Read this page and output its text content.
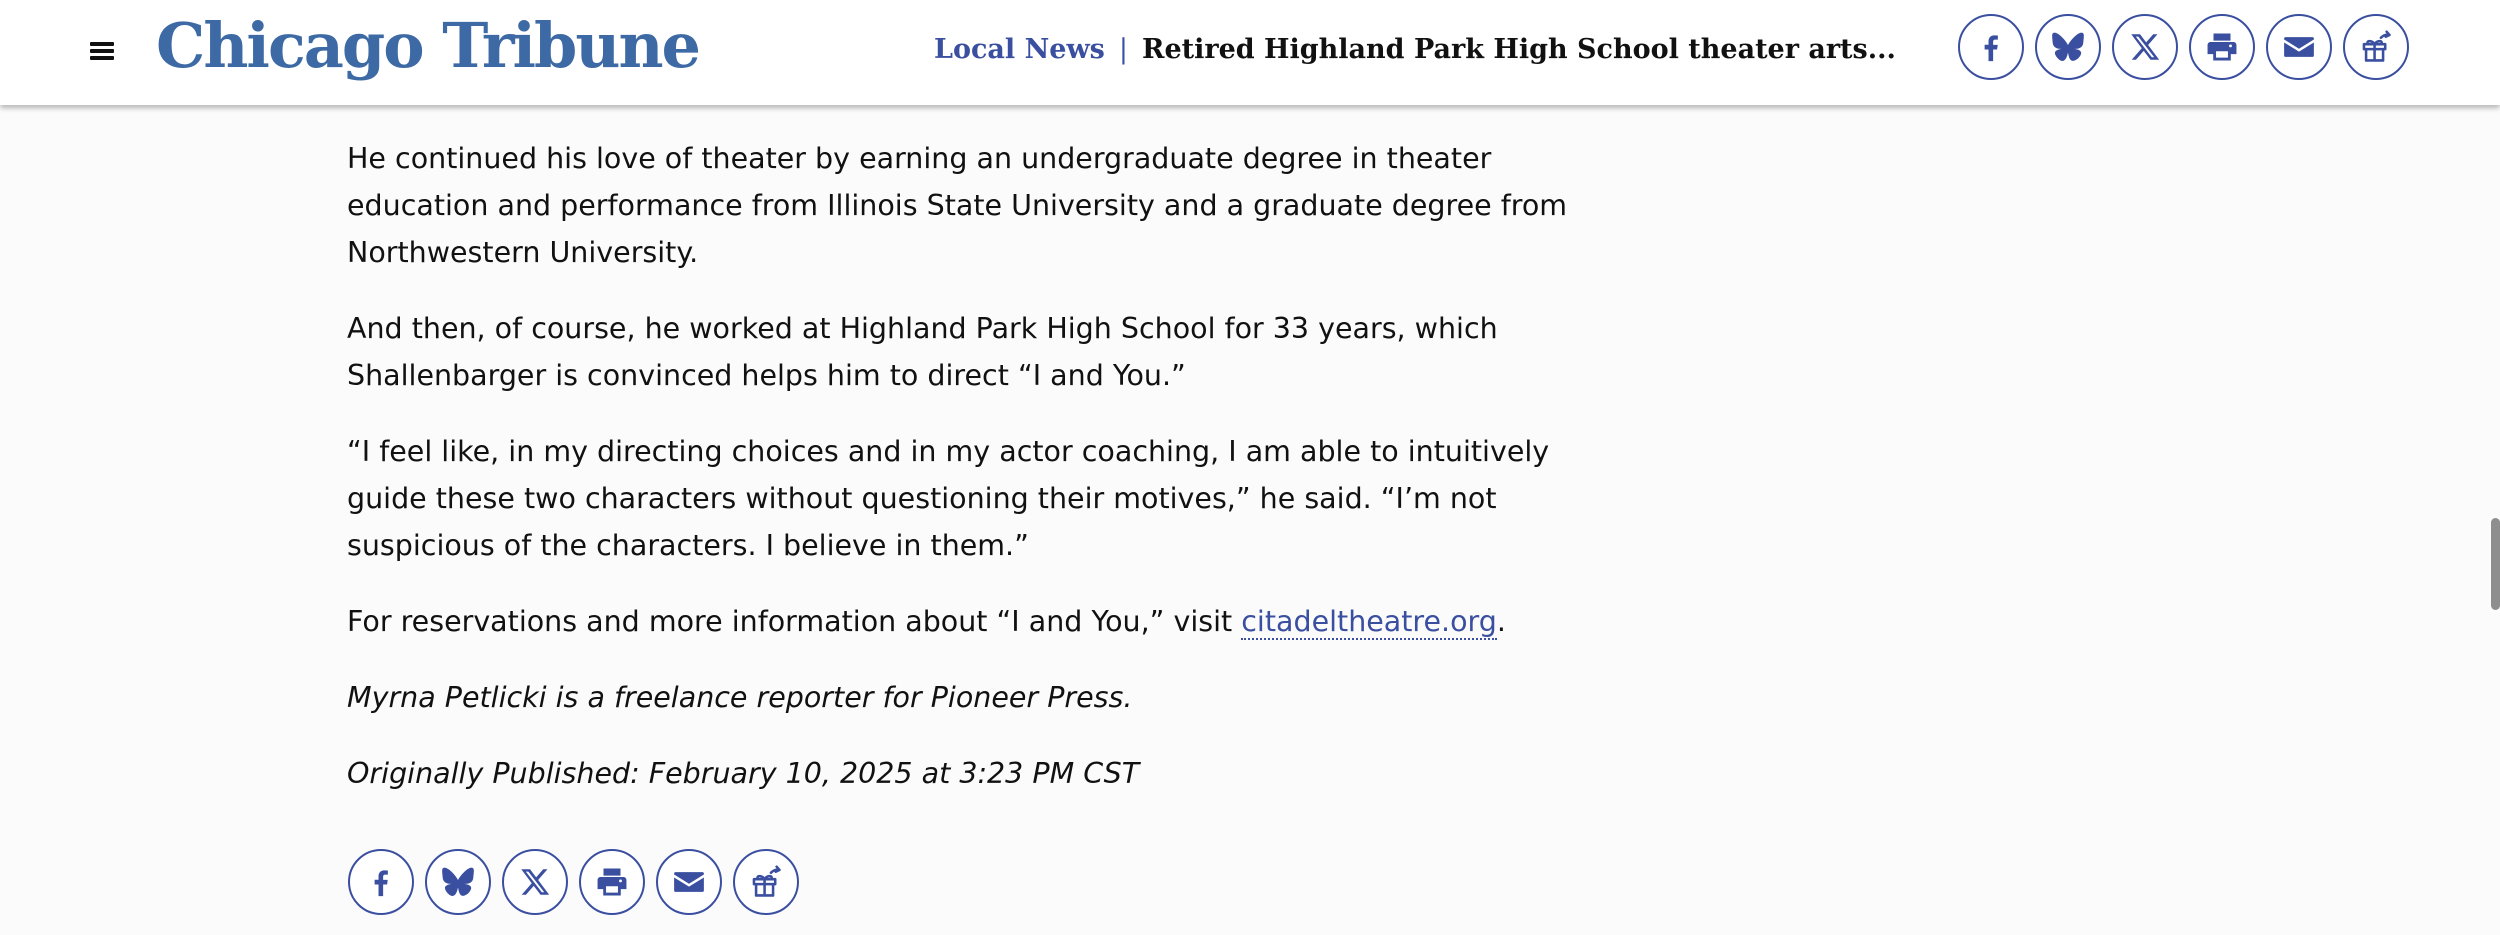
Chicago Tribune	Local News | Retired Highland Park High School theater arts...

He continued his love of theater by earning an undergraduate degree in theater education and performance from Illinois State University and a graduate degree from Northwestern University.

And then, of course, he worked at Highland Park High School for 33 years, which Shallenbarger is convinced helps him to direct “I and You.”

“I feel like, in my directing choices and in my actor coaching, I am able to intuitively guide these two characters without questioning their motives,” he said. “I’m not suspicious of the characters. I believe in them.”

For reservations and more information about “I and You,” visit citadeltheatre.org.

Myrna Petlicki is a freelance reporter for Pioneer Press.

Originally Published: February 10, 2025 at 3:23 PM CST
